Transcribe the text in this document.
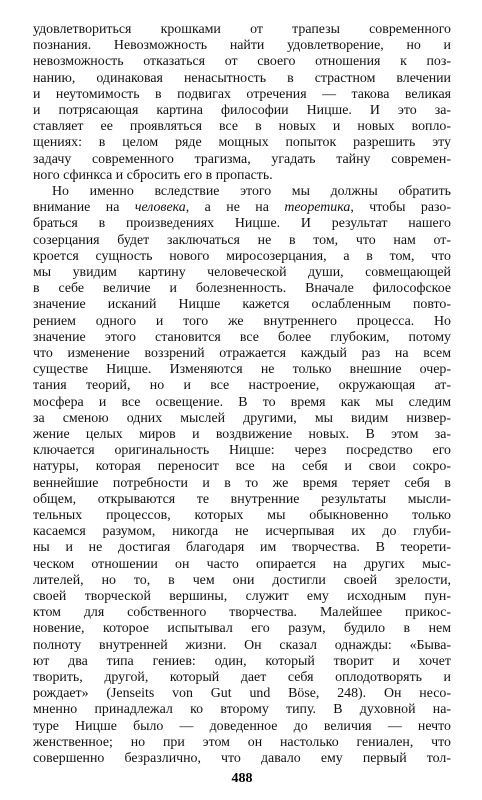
удовлетвориться крошками от трапезы современного
познания. Невозможность найти удовлетворение, но и
невозможность отказаться от своего отношения к поз-
нанию, одинаковая ненасытность в страстном влечении
и неутомимость в подвигах отречения — такова великая
и потрясающая картина философии Ницше. И это за-
ставляет ее проявляться все в новых и новых вопло-
щениях: в целом ряде мощных попыток разрешить эту
задачу современного трагизма, угадать тайну современ-
ного сфинкса и сбросить его в пропасть.
Но именно вследствие этого мы должны обратить
внимание на человека, а не на теоретика, чтобы разо-
браться в произведениях Ницше. И результат нашего
созерцания будет заключаться не в том, что нам от-
кроется сущность нового миросозерцания, а в том, что
мы увидим картину человеческой души, совмещающей
в себе величие и болезненность. Вначале философское
значение исканий Ницше кажется ослабленным повто-
рением одного и того же внутреннего процесса. Но
значение этого становится все более глубоким, потому
что изменение воззрений отражается каждый раз на всем
существе Ницше. Изменяются не только внешние очер-
тания теорий, но и все настроение, окружающая ат-
мосфера и все освещение. В то время как мы следим
за сменою одних мыслей другими, мы видим низвер-
жение целых миров и воздвижение новых. В этом за-
ключается оригинальность Ницше: через посредство его
натуры, которая переносит все на себя и свои сокро-
веннейшие потребности и в то же время теряет себя в
общем, открываются те внутренние результаты мысли-
тельных процессов, которых мы обыкновенно только
касаемся разумом, никогда не исчерпывая их до глуби-
ны и не достигая благодаря им творчества. В теорети-
ческом отношении он часто опирается на других мыс-
лителей, но то, в чем они достигли своей зрелости,
своей творческой вершины, служит ему исходным пун-
ктом для собственного творчества. Малейшее прикос-
новение, которое испытывал его разум, будило в нем
полноту внутренней жизни. Он сказал однажды: «Быва-
ют два типа гениев: один, который творит и хочет
творить, другой, который дает себя оплодотворять и
рождает» (Jenseits von Gut und Böse, 248). Он несо-
мненно принадлежал ко второму типу. В духовной на-
туре Ницше было — доведенное до величия — нечто
женственное; но при этом он настолько гениален, что
совершенно безразлично, что давало ему первый тол-
488
